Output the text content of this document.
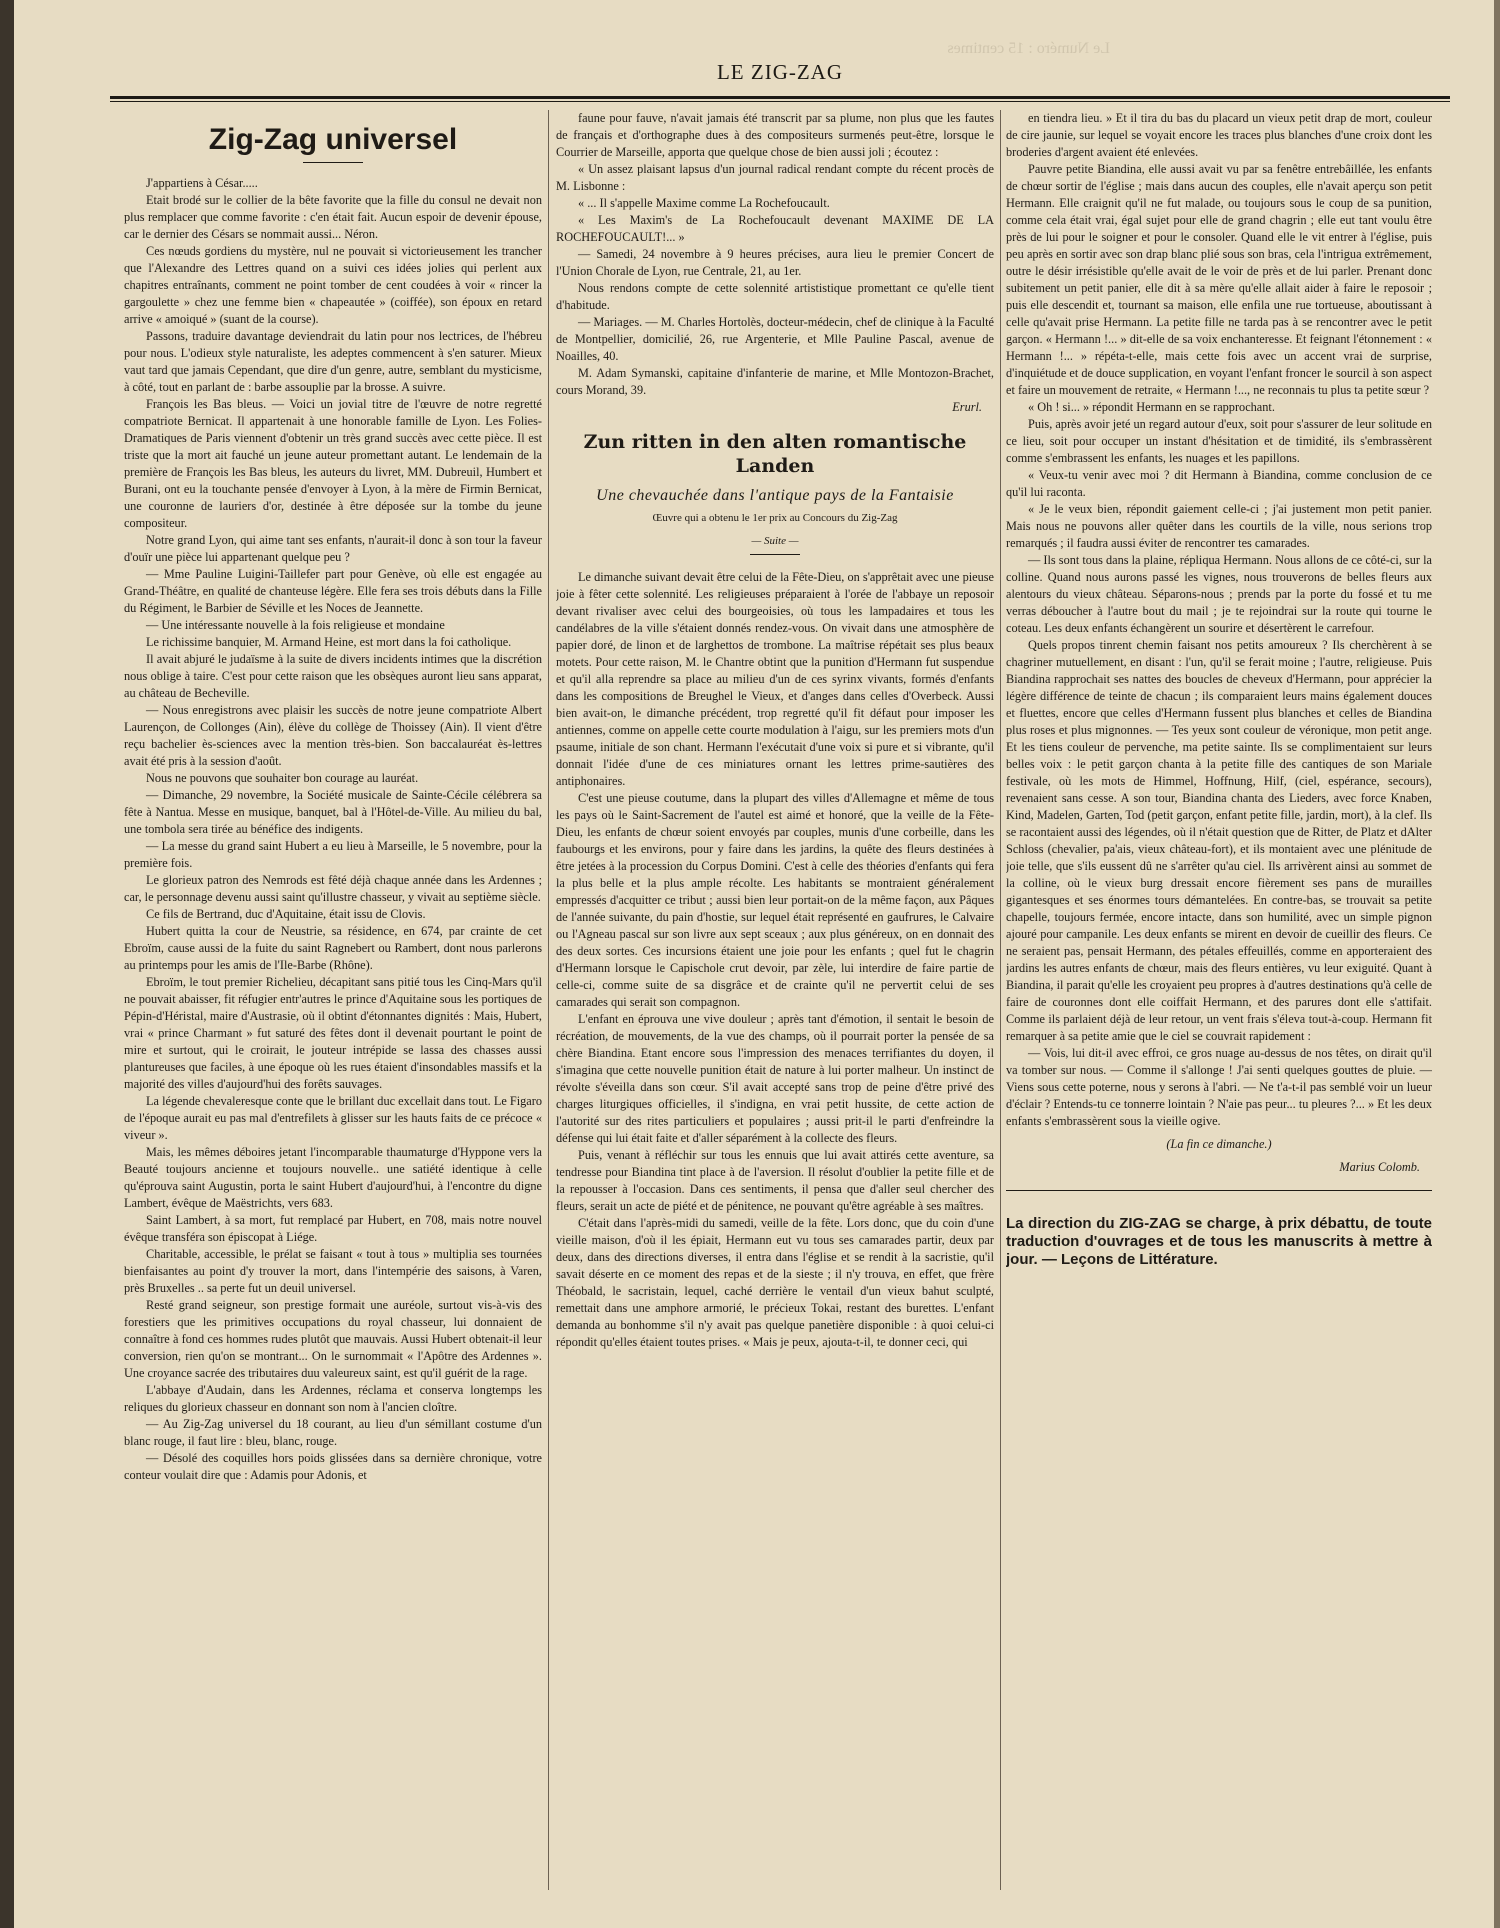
Le Numéro : 15 centimes
LE ZIG-ZAG
Zig-Zag universel

J'appartiens à César.....

Etait brodé sur le collier de la bête favorite que la fille du consul ne devait non plus remplacer que comme favorite : c'en était fait. Aucun espoir de devenir épouse, car le dernier des Césars se nommait aussi... Néron.

Ces nœuds gordiens du mystère, nul ne pouvait si victorieusement les trancher que l'Alexandre des Lettres quand on a suivi ces idées jolies qui perlent aux chapitres entraînants, comment ne point tomber de cent coudées à voir « rincer la gargoulette » chez une femme bien « chapeautée » (coiffée), son époux en retard arrive « amoiqué » (suant de la course).

Passons, traduire davantage deviendrait du latin pour nos lectrices, de l'hébreu pour nous. L'odieux style naturaliste, les adeptes commencent à s'en saturer. Mieux vaut tard que jamais Cependant, que dire d'un genre, autre, semblant du mysticisme, à côté, tout en parlant de : barbe assouplie par la brosse. A suivre.

François les Bas bleus. — Voici un jovial titre de l'œuvre de notre regretté compatriote Bernicat. Il appartenait à une honorable famille de Lyon. Les Folies-Dramatiques de Paris viennent d'obtenir un très grand succès avec cette pièce. Il est triste que la mort ait fauché un jeune auteur promettant autant. Le lendemain de la première de François les Bas bleus, les auteurs du livret, MM. Dubreuil, Humbert et Burani, ont eu la touchante pensée d'envoyer à Lyon, à la mère de Firmin Bernicat, une couronne de lauriers d'or, destinée à être déposée sur la tombe du jeune compositeur.

Notre grand Lyon, qui aime tant ses enfants, n'aurait-il donc à son tour la faveur d'ouïr une pièce lui appartenant quelque peu ?

— Mme Pauline Luigini-Taillefer part pour Genève, où elle est engagée au Grand-Théâtre, en qualité de chanteuse légère. Elle fera ses trois débuts dans la Fille du Régiment, le Barbier de Séville et les Noces de Jeannette.

— Une intéressante nouvelle à la fois religieuse et mondaine

Le richissime banquier, M. Armand Heine, est mort dans la foi catholique.

Il avait abjuré le judaïsme à la suite de divers incidents intimes que la discrétion nous oblige à taire. C'est pour cette raison que les obsèques auront lieu sans apparat, au château de Becheville.

— Nous enregistrons avec plaisir les succès de notre jeune compatriote Albert Laurençon, de Collonges (Ain), élève du collège de Thoissey (Ain). Il vient d'être reçu bachelier ès-sciences avec la mention très-bien. Son baccalauréat ès-lettres avait été pris à la session d'août.

Nous ne pouvons que souhaiter bon courage au lauréat.

— Dimanche, 29 novembre, la Société musicale de Sainte-Cécile célébrera sa fête à Nantua. Messe en musique, banquet, bal à l'Hôtel-de-Ville. Au milieu du bal, une tombola sera tirée au bénéfice des indigents.

— La messe du grand saint Hubert a eu lieu à Marseille, le 5 novembre, pour la première fois.

Le glorieux patron des Nemrods est fêté déjà chaque année dans les Ardennes ; car, le personnage devenu aussi saint qu'illustre chasseur, y vivait au septième siècle.

Ce fils de Bertrand, duc d'Aquitaine, était issu de Clovis.

Hubert quitta la cour de Neustrie, sa résidence, en 674, par crainte de cet Ebroïm, cause aussi de la fuite du saint Ragnebert ou Rambert, dont nous parlerons au printemps pour les amis de l'Ile-Barbe (Rhône).

Ebroïm, le tout premier Richelieu, décapitant sans pitié tous les Cinq-Mars qu'il ne pouvait abaisser, fit réfugier entr'autres le prince d'Aquitaine sous les portiques de Pépin-d'Héristal, maire d'Austrasie, où il obtint d'étonnantes dignités : Mais, Hubert, vrai « prince Charmant » fut saturé des fêtes dont il devenait pourtant le point de mire et surtout, qui le croirait, le jouteur intrépide se lassa des chasses aussi plantureuses que faciles, à une époque où les rues étaient d'insondables massifs et la majorité des villes d'aujourd'hui des forêts sauvages.

La légende chevaleresque conte que le brillant duc excellait dans tout. Le Figaro de l'époque aurait eu pas mal d'entrefilets à glisser sur les hauts faits de ce précoce « viveur ».

Mais, les mêmes déboires jetant l'incomparable thaumaturge d'Hyppone vers la Beauté toujours ancienne et toujours nouvelle.. une satiété identique à celle qu'éprouva saint Augustin, porta le saint Hubert d'aujourd'hui, à l'encontre du digne Lambert, évêque de Maëstrichts, vers 683.

Saint Lambert, à sa mort, fut remplacé par Hubert, en 708, mais notre nouvel évêque transféra son épiscopat à Liége.

Charitable, accessible, le prélat se faisant « tout à tous » multiplia ses tournées bienfaisantes au point d'y trouver la mort, dans l'intempérie des saisons, à Varen, près Bruxelles .. sa perte fut un deuil universel.

Resté grand seigneur, son prestige formait une auréole, surtout vis-à-vis des forestiers que les primitives occupations du royal chasseur, lui donnaient de connaître à fond ces hommes rudes plutôt que mauvais. Aussi Hubert obtenait-il leur conversion, rien qu'on se montrant... On le surnommait « l'Apôtre des Ardennes ». Une croyance sacrée des tributaires duu valeureux saint, est qu'il guérit de la rage.

L'abbaye d'Audain, dans les Ardennes, réclama et conserva longtemps les reliques du glorieux chasseur en donnant son nom à l'ancien cloître.

— Au Zig-Zag universel du 18 courant, au lieu d'un sémillant costume d'un blanc rouge, il faut lire : bleu, blanc, rouge.

— Désolé des coquilles hors poids glissées dans sa dernière chronique, votre conteur voulait dire que : Adamis pour Adonis, et

faune pour fauve, n'avait jamais été transcrit par sa plume, non plus que les fautes de français et d'orthographe dues à des compositeurs surmenés peut-être, lorsque le Courrier de Marseille, apporta que quelque chose de bien aussi joli ; écoutez :

« Un assez plaisant lapsus d'un journal radical rendant compte du récent procès de M. Lisbonne :

« ... Il s'appelle Maxime comme La Rochefoucault.

« Les Maxim's de La Rochefoucault devenant MAXIME DE LA ROCHEFOUCAULT!... »

— Samedi, 24 novembre à 9 heures précises, aura lieu le premier Concert de l'Union Chorale de Lyon, rue Centrale, 21, au 1er.

Nous rendons compte de cette solennité artististique promettant ce qu'elle tient d'habitude.

— Mariages. — M. Charles Hortolès, docteur-médecin, chef de clinique à la Faculté de Montpellier, domicilié, 26, rue Argenterie, et Mlle Pauline Pascal, avenue de Noailles, 40.

M. Adam Symanski, capitaine d'infanterie de marine, et Mlle Montozon-Brachet, cours Morand, 39.

Erurl.

Zun ritten in den alten romantische Landen
Une chevauchée dans l'antique pays de la Fantaisie
Œuvre qui a obtenu le 1er prix au Concours du Zig-Zag
— Suite —

Le dimanche suivant devait être celui de la Fête-Dieu, on s'apprêtait avec une pieuse joie à fêter cette solennité. Les religieuses préparaient à l'orée de l'abbaye un reposoir devant rivaliser avec celui des bourgeoisies, où tous les lampadaires et tous les candélabres de la ville s'étaient donnés rendez-vous. On vivait dans une atmosphère de papier doré, de linon et de larghettos de trombone. La maîtrise répétait ses plus beaux motets. Pour cette raison, M. le Chantre obtint que la punition d'Hermann fut suspendue et qu'il alla reprendre sa place au milieu d'un de ces syrinx vivants, formés d'enfants dans les compositions de Breughel le Vieux, et d'anges dans celles d'Overbeck. Aussi bien avait-on, le dimanche précédent, trop regretté qu'il fit défaut pour imposer les antiennes, comme on appelle cette courte modulation à l'aigu, sur les premiers mots d'un psaume, initiale de son chant. Hermann l'exécutait d'une voix si pure et si vibrante, qu'il donnait l'idée d'une de ces miniatures ornant les lettres prime-sautières des antiphonaires.

C'est une pieuse coutume, dans la plupart des villes d'Allemagne et même de tous les pays où le Saint-Sacrement de l'autel est aimé et honoré, que la veille de la Fête-Dieu, les enfants de chœur soient envoyés par couples, munis d'une corbeille, dans les faubourgs et les environs, pour y faire dans les jardins, la quête des fleurs destinées à être jetées à la procession du Corpus Domini. C'est à celle des théories d'enfants qui fera la plus belle et la plus ample récolte. Les habitants se montraient généralement empressés d'acquitter ce tribut ; aussi bien leur portait-on de la même façon, aux Pâques de l'année suivante, du pain d'hostie, sur lequel était représenté en gaufrures, le Calvaire ou l'Agneau pascal sur son livre aux sept sceaux ; aux plus généreux, on en donnait des des deux sortes. Ces incursions étaient une joie pour les enfants ; quel fut le chagrin d'Hermann lorsque le Capischole crut devoir, par zèle, lui interdire de faire partie de celle-ci, comme suite de sa disgrâce et de crainte qu'il ne pervertit celui de ses camarades qui serait son compagnon.

L'enfant en éprouva une vive douleur ; après tant d'émotion, il sentait le besoin de récréation, de mouvements, de la vue des champs, où il pourrait porter la pensée de sa chère Biandina. Etant encore sous l'impression des menaces terrifiantes du doyen, il s'imagina que cette nouvelle punition était de nature à lui porter malheur. Un instinct de révolte s'éveilla dans son cœur. S'il avait accepté sans trop de peine d'être privé des charges liturgiques officielles, il s'indigna, en vrai petit hussite, de cette action de l'autorité sur des rites particuliers et populaires ; aussi prit-il le parti d'enfreindre la défense qui lui était faite et d'aller séparément à la collecte des fleurs.

Puis, venant à réfléchir sur tous les ennuis que lui avait attirés cette aventure, sa tendresse pour Biandina tint place à de l'aversion. Il résolut d'oublier la petite fille et de la repousser à l'occasion. Dans ces sentiments, il pensa que d'aller seul chercher des fleurs, serait un acte de piété et de pénitence, ne pouvant qu'être agréable à ses maîtres.

C'était dans l'après-midi du samedi, veille de la fête. Lors donc, que du coin d'une vieille maison, d'où il les épiait, Hermann eut vu tous ses camarades partir, deux par deux, dans des directions diverses, il entra dans l'église et se rendit à la sacristie, qu'il savait déserte en ce moment des repas et de la sieste ; il n'y trouva, en effet, que frère Théobald, le sacristain, lequel, caché derrière le ventail d'un vieux bahut sculpté, remettait dans une amphore armorié, le précieux Tokai, restant des burettes. L'enfant demanda au bonhomme s'il n'y avait pas quelque panetière disponible : à quoi celui-ci répondit qu'elles étaient toutes prises. « Mais je peux, ajouta-t-il, te donner ceci, qui

en tiendra lieu. » Et il tira du bas du placard un vieux petit drap de mort, couleur de cire jaunie, sur lequel se voyait encore les traces plus blanches d'une croix dont les broderies d'argent avaient été enlevées.

Pauvre petite Biandina, elle aussi avait vu par sa fenêtre entrebâillée, les enfants de chœur sortir de l'église ; mais dans aucun des couples, elle n'avait aperçu son petit Hermann. Elle craignit qu'il ne fut malade, ou toujours sous le coup de sa punition, comme cela était vrai, égal sujet pour elle de grand chagrin ; elle eut tant voulu être près de lui pour le soigner et pour le consoler. Quand elle le vit entrer à l'église, puis peu après en sortir avec son drap blanc plié sous son bras, cela l'intrigua extrêmement, outre le désir irrésistible qu'elle avait de le voir de près et de lui parler. Prenant donc subitement un petit panier, elle dit à sa mère qu'elle allait aider à faire le reposoir ; puis elle descendit et, tournant sa maison, elle enfila une rue tortueuse, aboutissant à celle qu'avait prise Hermann. La petite fille ne tarda pas à se rencontrer avec le petit garçon. « Hermann !... » dit-elle de sa voix enchanteresse. Et feignant l'étonnement : « Hermann !... » répéta-t-elle, mais cette fois avec un accent vrai de surprise, d'inquiétude et de douce supplication, en voyant l'enfant froncer le sourcil à son aspect et faire un mouvement de retraite, « Hermann !..., ne reconnais tu plus ta petite sœur ?

« Oh ! si... » répondit Hermann en se rapprochant.

Puis, après avoir jeté un regard autour d'eux, soit pour s'assurer de leur solitude en ce lieu, soit pour occuper un instant d'hésitation et de timidité, ils s'embrassèrent comme s'embrassent les enfants, les nuages et les papillons.

« Veux-tu venir avec moi ? dit Hermann à Biandina, comme conclusion de ce qu'il lui raconta.

« Je le veux bien, répondit gaiement celle-ci ; j'ai justement mon petit panier. Mais nous ne pouvons aller quêter dans les courtils de la ville, nous serions trop remarqués ; il faudra aussi éviter de rencontrer tes camarades.

— Ils sont tous dans la plaine, répliqua Hermann. Nous allons de ce côté-ci, sur la colline. Quand nous aurons passé les vignes, nous trouverons de belles fleurs aux alentours du vieux château. Séparons-nous ; prends par la porte du fossé et tu me verras déboucher à l'autre bout du mail ; je te rejoindrai sur la route qui tourne le coteau. Les deux enfants échangèrent un sourire et désertèrent le carrefour.

Quels propos tinrent chemin faisant nos petits amoureux ? Ils cherchèrent à se chagriner mutuellement, en disant : l'un, qu'il se ferait moine ; l'autre, religieuse. Puis Biandina rapprochait ses nattes des boucles de cheveux d'Hermann, pour apprécier la légère différence de teinte de chacun ; ils comparaient leurs mains également douces et fluettes, encore que celles d'Hermann fussent plus blanches et celles de Biandina plus roses et plus mignonnes. — Tes yeux sont couleur de véronique, mon petit ange. Et les tiens couleur de pervenche, ma petite sainte. Ils se complimentaient sur leurs belles voix : le petit garçon chanta à la petite fille des cantiques de son Mariale festivale, où les mots de Himmel, Hoffnung, Hilf, (ciel, espérance, secours), revenaient sans cesse. A son tour, Biandina chanta des Lieders, avec force Knaben, Kind, Madelen, Garten, Tod (petit garçon, enfant petite fille, jardin, mort), à la clef. Ils se racontaient aussi des légendes, où il n'était question que de Ritter, de Platz et dAlter Schloss (chevalier, pa'ais, vieux château-fort), et ils montaient avec une plénitude de joie telle, que s'ils eussent dû ne s'arrêter qu'au ciel. Ils arrivèrent ainsi au sommet de la colline, où le vieux burg dressait encore fièrement ses pans de murailles gigantesques et ses énormes tours démantelées. En contre-bas, se trouvait sa petite chapelle, toujours fermée, encore intacte, dans son humilité, avec un simple pignon ajouré pour campanile. Les deux enfants se mirent en devoir de cueillir des fleurs. Ce ne seraient pas, pensait Hermann, des pétales effeuillés, comme en apporteraient des jardins les autres enfants de chœur, mais des fleurs entières, vu leur exiguité. Quant à Biandina, il parait qu'elle les croyaient peu propres à d'autres destinations qu'à celle de faire de couronnes dont elle coiffait Hermann, et des parures dont elle s'attifait. Comme ils parlaient déjà de leur retour, un vent frais s'éleva tout-à-coup. Hermann fit remarquer à sa petite amie que le ciel se couvrait rapidement :

— Vois, lui dit-il avec effroi, ce gros nuage au-dessus de nos têtes, on dirait qu'il va tomber sur nous. — Comme il s'allonge ! J'ai senti quelques gouttes de pluie. — Viens sous cette poterne, nous y serons à l'abri. — Ne t'a-t-il pas semblé voir un lueur d'éclair ? Entends-tu ce tonnerre lointain ? N'aie pas peur... tu pleures ?... » Et les deux enfants s'embrassèrent sous la vieille ogive.

(La fin ce dimanche.)
Marius Colomb.
La direction du ZIG-ZAG se charge, à prix débattu, de toute traduction d'ouvrages et de tous les manuscrits à mettre à jour. — Leçons de Littérature.
